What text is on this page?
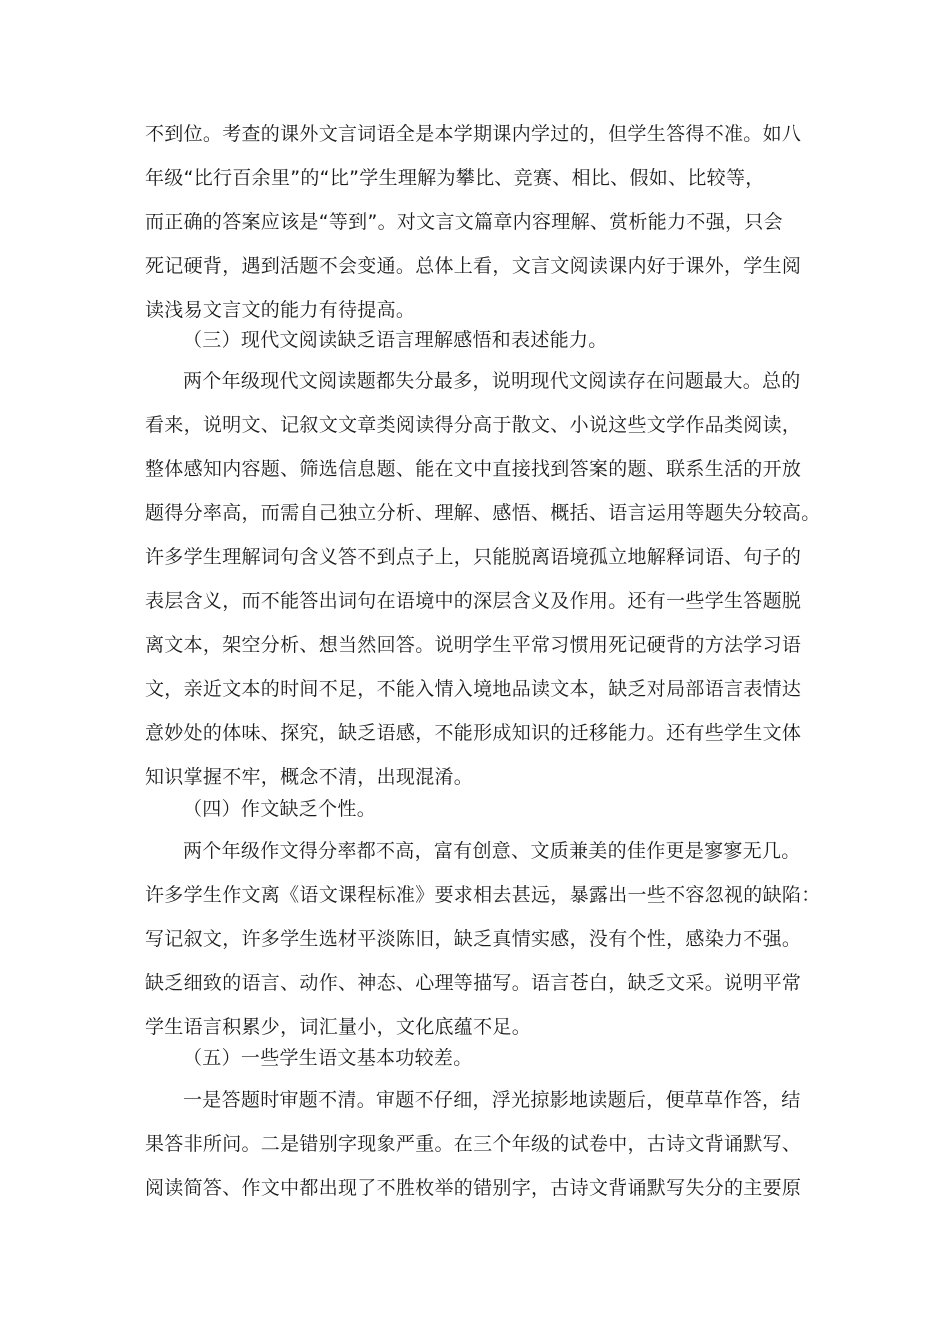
不到位。考查的课外文言词语全是本学期课内学过的，但学生答得不准。如八
年级“比行百余里”的“比”学生理解为攀比、竞赛、相比、假如、比较等，
而正确的答案应该是“等到”。对文言文篇章内容理解、赏析能力不强，只会
死记硬背，遇到活题不会变通。总体上看，文言文阅读课内好于课外，学生阅
读浅易文言文的能力有待提高。
（三）现代文阅读缺乏语言理解感悟和表述能力。
两个年级现代文阅读题都失分最多，说明现代文阅读存在问题最大。总的
看来，说明文、记叙文文章类阅读得分高于散文、小说这些文学作品类阅读，
整体感知内容题、筛选信息题、能在文中直接找到答案的题、联系生活的开放
题得分率高，而需自己独立分析、理解、感悟、概括、语言运用等题失分较高。
许多学生理解词句含义答不到点子上，只能脱离语境孤立地解释词语、句子的
表层含义，而不能答出词句在语境中的深层含义及作用。还有一些学生答题脱
离文本，架空分析、想当然回答。说明学生平常习惯用死记硬背的方法学习语
文，亲近文本的时间不足，不能入情入境地品读文本，缺乏对局部语言表情达
意妙处的体味、探究，缺乏语感，不能形成知识的迁移能力。还有些学生文体
知识掌握不牢，概念不清，出现混淆。
（四）作文缺乏个性。
两个年级作文得分率都不高，富有创意、文质兼美的佳作更是寥寥无几。
许多学生作文离《语文课程标准》要求相去甚远，暴露出一些不容忽视的缺陷：
写记叙文，许多学生选材平淡陈旧，缺乏真情实感，没有个性，感染力不强。
缺乏细致的语言、动作、神态、心理等描写。语言苍白，缺乏文采。说明平常
学生语言积累少，词汇量小，文化底蕴不足。
（五）一些学生语文基本功较差。
一是答题时审题不清。审题不仔细，浮光掠影地读题后，便草草作答，结
果答非所问。二是错别字现象严重。在三个年级的试卷中，古诗文背诵默写、
阅读简答、作文中都出现了不胜枚举的错别字，古诗文背诵默写失分的主要原
